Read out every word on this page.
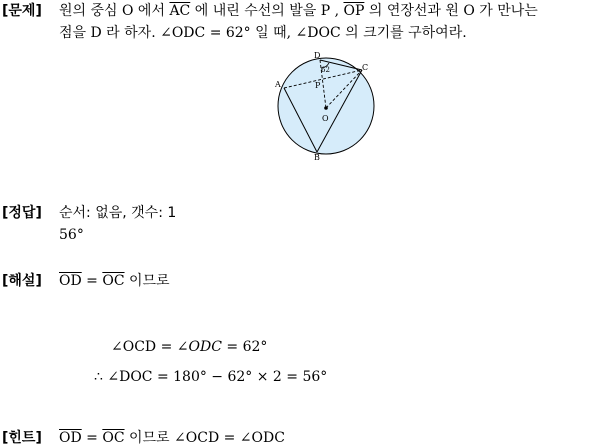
[문제] 원의 중심 O 에서 $\overline{AC}$ 에 내린 수선의 발을 P , $\overline{OP}$ 의 연장선과 원 O 가 만나는
점을 D 라 하자. ∠ODC = 62° 일 때, ∠DOC 의 크기를 구하여라.
D
C
A	P
O
B
62
[정답] 순서: 없음, 갯수: 1
56°
[해설] $\overline{OD} = \overline{OC}$ 이므로
∠OCD = ∠ODC = 62°
∴ ∠DOC = 180° − 62° × 2 = 56°
[힌트] $\overline{OD} = \overline{OC}$ 이므로 ∠OCD = ∠ODC
